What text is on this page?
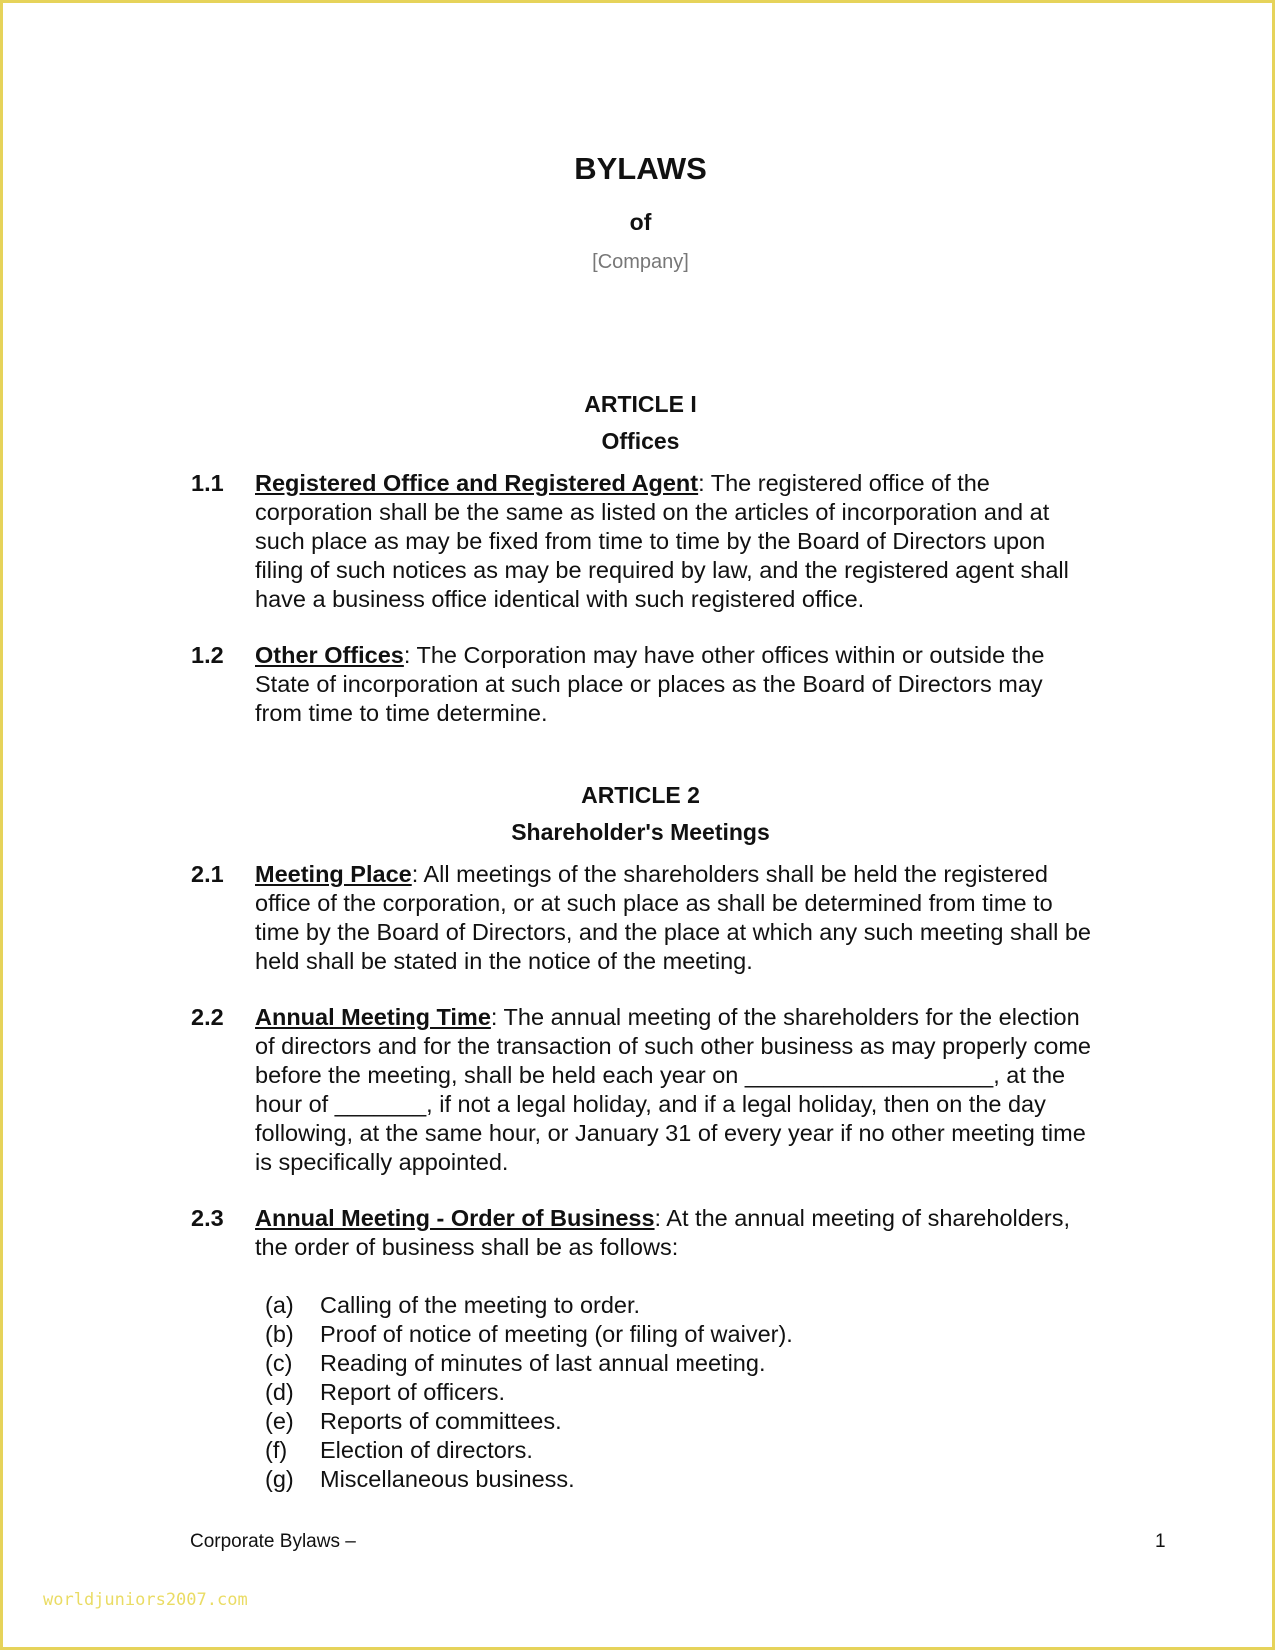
BYLAWS
of
[Company]
ARTICLE I
Offices
1.1 Registered Office and Registered Agent: The registered office of the corporation shall be the same as listed on the articles of incorporation and at such place as may be fixed from time to time by the Board of Directors upon filing of such notices as may be required by law, and the registered agent shall have a business office identical with such registered office.
1.2 Other Offices: The Corporation may have other offices within or outside the State of incorporation at such place or places as the Board of Directors may from time to time determine.
ARTICLE 2
Shareholder's Meetings
2.1 Meeting Place: All meetings of the shareholders shall be held the registered office of the corporation, or at such place as shall be determined from time to time by the Board of Directors, and the place at which any such meeting shall be held shall be stated in the notice of the meeting.
2.2 Annual Meeting Time: The annual meeting of the shareholders for the election of directors and for the transaction of such other business as may properly come before the meeting, shall be held each year on ___________________, at the hour of _______, if not a legal holiday, and if a legal holiday, then on the day following, at the same hour, or January 31 of every year if no other meeting time is specifically appointed.
2.3 Annual Meeting - Order of Business: At the annual meeting of shareholders, the order of business shall be as follows:
(a)	Calling of the meeting to order.
(b)	Proof of notice of meeting (or filing of waiver).
(c)	Reading of minutes of last annual meeting.
(d)	Report of officers.
(e)	Reports of committees.
(f)	Election of directors.
(g)	Miscellaneous business.
Corporate Bylaws –	1
worldjuniors2007.com
